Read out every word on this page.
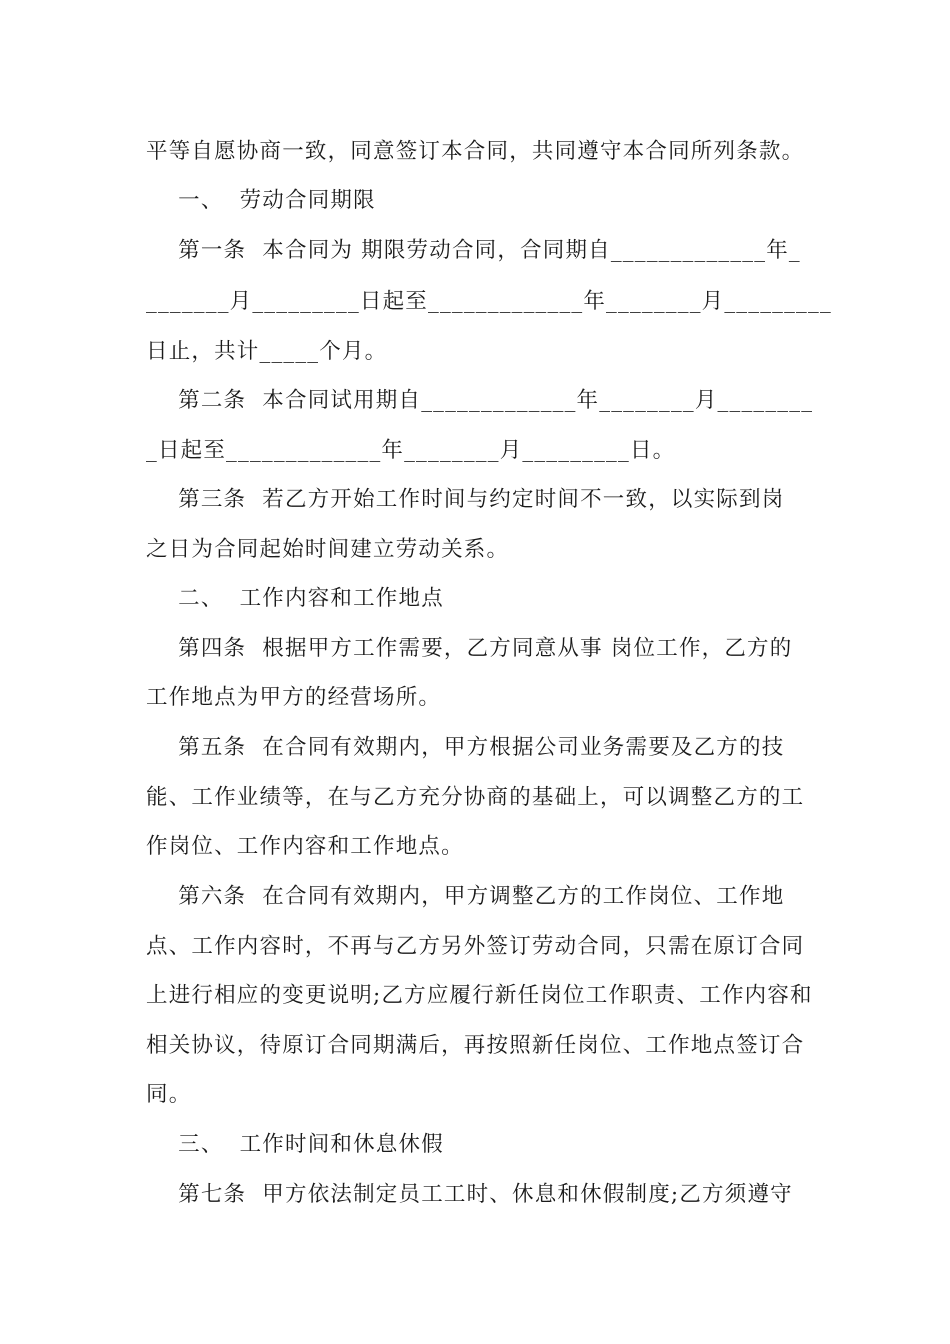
平等自愿协商一致，同意签订本合同，共同遵守本合同所列条款。
一、  劳动合同期限
第一条  本合同为 期限劳动合同，合同期自_____________年_
_______月_________日起至_____________年________月_________
日止，共计_____个月。
第二条  本合同试用期自_____________年________月________
_日起至_____________年________月_________日。
第三条  若乙方开始工作时间与约定时间不一致，以实际到岗
之日为合同起始时间建立劳动关系。
二、  工作内容和工作地点
第四条  根据甲方工作需要，乙方同意从事 岗位工作，乙方的
工作地点为甲方的经营场所。
第五条  在合同有效期内，甲方根据公司业务需要及乙方的技
能、工作业绩等，在与乙方充分协商的基础上，可以调整乙方的工
作岗位、工作内容和工作地点。
第六条  在合同有效期内，甲方调整乙方的工作岗位、工作地
点、工作内容时，不再与乙方另外签订劳动合同，只需在原订合同
上进行相应的变更说明;乙方应履行新任岗位工作职责、工作内容和
相关协议，待原订合同期满后，再按照新任岗位、工作地点签订合
同。
三、  工作时间和休息休假
第七条  甲方依法制定员工工时、休息和休假制度;乙方须遵守
